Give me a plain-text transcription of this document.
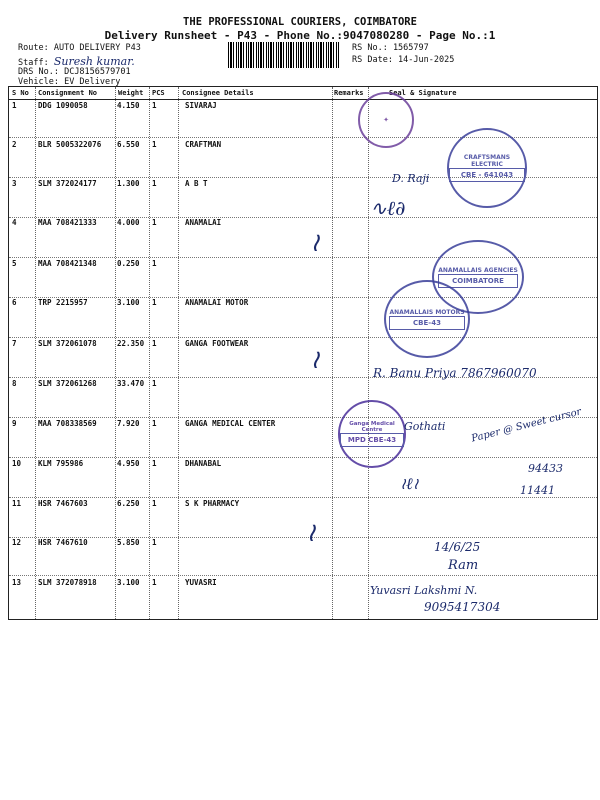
THE PROFESSIONAL COURIERS, COIMBATORE
Delivery Runsheet - P43 - Phone No.:9047080280 - Page No.:1
Route: AUTO DELIVERY P43
Staff: Suresh kumar.
DRS No.: DCJ8156579701
Vehicle: EV Delivery
RS No.: 1565797
RS Date: 14-Jun-2025
S No Consignment No	Weight PCS Consignee Details	Remarks	Seal & Signature
1	DDG 1090058	4.150 1	SIVARAJ
2	BLR 5005322076 6.550 1	CRAFTMAN
3	SLM 372024177	1.300 1	A B T
4	MAA 708421333	4.000 1	ANAMALAI
5	MAA 708421348	0.250 1
6	TRP 2215957	3.100 1	ANAMALAI MOTOR
7	SLM 372061078	22.350 1	GANGA FOOTWEAR
8	SLM 372061268	33.470 1
9	MAA 708338569	7.920 1	GANGA MEDICAL CENTER
10 KLM 795986	4.950 1	DHANABAL
11 HSR 7467603	6.250 1	S K PHARMACY
12 HSR 7467610	5.850 1
13 SLM 372078918	3.100 1	YUVASRI
✦
CRAFTSMANS ELECTRIC
CBE - 641043
ANAMALLAIS AGENCIES
COIMBATORE
ANAMALLAIS MOTORS
CBE-43
Ganga Medical Centre
MPD CBE-43
D. Raji
∿ℓ∂
R. Banu Priya 7867960070
Gothati Paper @ Sweet cursor
94433
11441
≀ℓ≀
14/6/25
Ram
Yuvasri Lakshmi N.
9095417304
≀
≀
≀
